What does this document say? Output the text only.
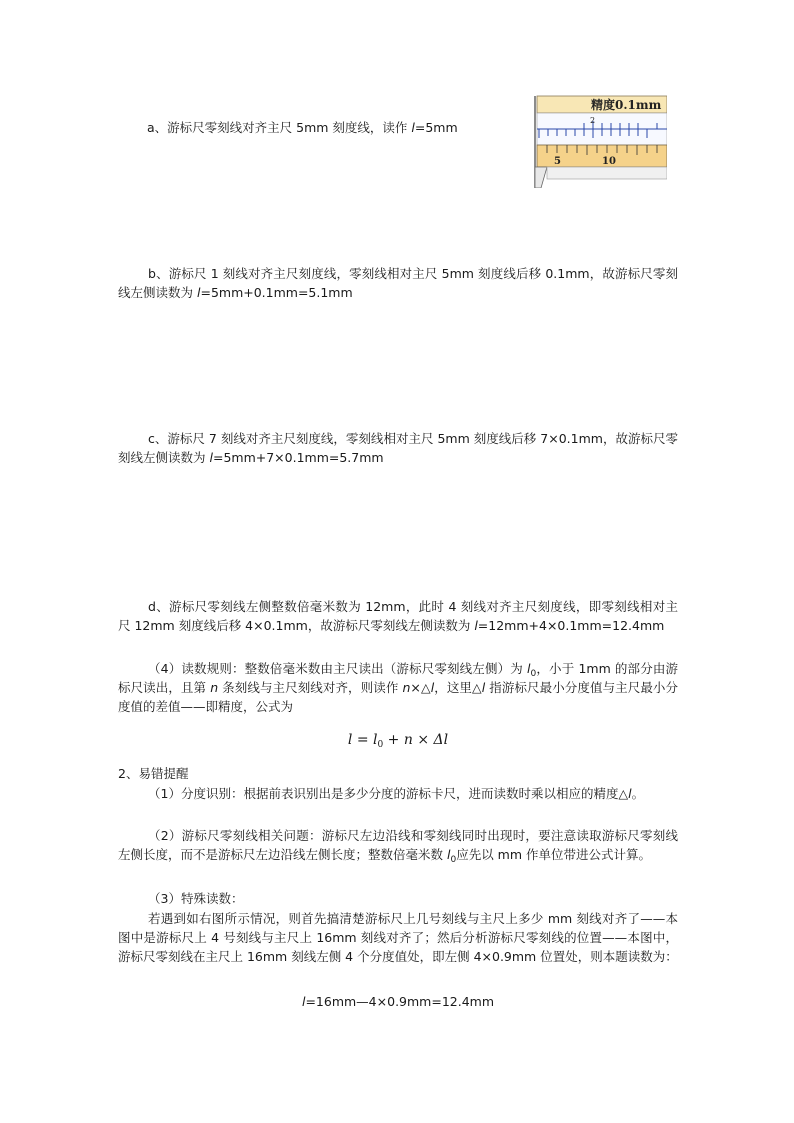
精度0.1mm
2
5	10

a、游标尺零刻线对齐主尺 5mm 刻度线，读作 l=5mm

b、游标尺 1 刻线对齐主尺刻度线，零刻线相对主尺 5mm 刻度线后移 0.1mm，故游标尺零刻线左侧读数为 l=5mm+0.1mm=5.1mm

c、游标尺 7 刻线对齐主尺刻度线，零刻线相对主尺 5mm 刻度线后移 7×0.1mm，故游标尺零刻线左侧读数为 l=5mm+7×0.1mm=5.7mm

d、游标尺零刻线左侧整数倍毫米数为 12mm，此时 4 刻线对齐主尺刻度线，即零刻线相对主尺 12mm 刻度线后移 4×0.1mm，故游标尺零刻线左侧读数为 l=12mm+4×0.1mm=12.4mm

（4）读数规则：整数倍毫米数由主尺读出（游标尺零刻线左侧）为 $l_0$，小于 1mm 的部分由游标尺读出，且第 n 条刻线与主尺刻线对齐，则读作 n×△l，这里△l 指游标尺最小分度值与主尺最小分度值的差值——即精度，公式为

$l = l_0 + n \times \Delta l$

2、易错提醒

（1）分度识别：根据前表识别出是多少分度的游标卡尺，进而读数时乘以相应的精度△l。

（2）游标尺零刻线相关问题：游标尺左边沿线和零刻线同时出现时，要注意读取游标尺零刻线左侧长度，而不是游标尺左边沿线左侧长度；整数倍毫米数 $l_0$应先以 mm 作单位带进公式计算。

（3）特殊读数：

若遇到如右图所示情况，则首先搞清楚游标尺上几号刻线与主尺上多少 mm 刻线对齐了——本图中是游标尺上 4 号刻线与主尺上 16mm 刻线对齐了；然后分析游标尺零刻线的位置——本图中，游标尺零刻线在主尺上 16mm 刻线左侧 4 个分度值处，即左侧 4×0.9mm 位置处，则本题读数为：

l=16mm—4×0.9mm=12.4mm
